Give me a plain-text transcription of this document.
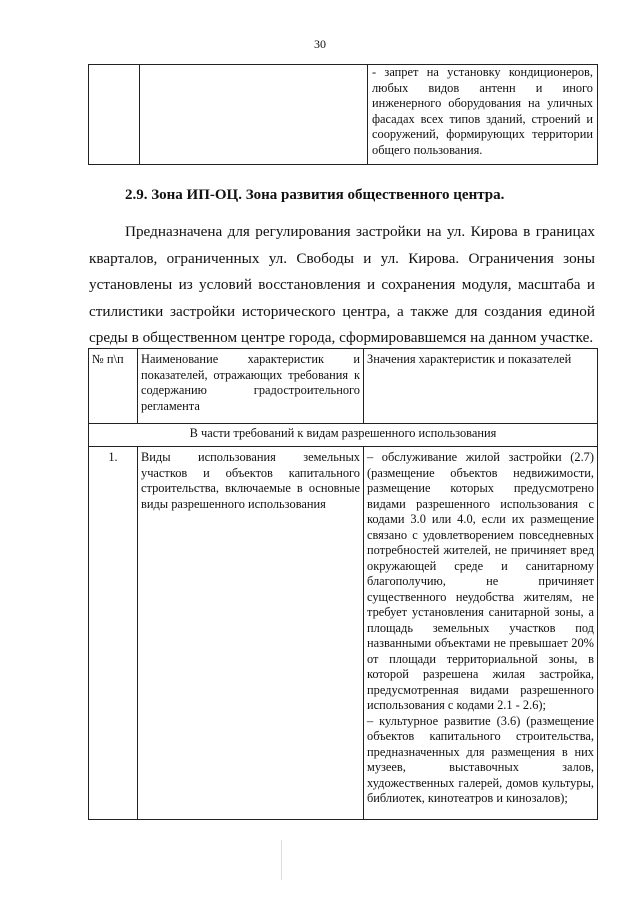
30

- запрет на установку кондиционеров, любых видов антенн и иного инженерного оборудования на уличных фасадах всех типов зданий, строений и сооружений, формирующих территории общего пользования.
2.9. Зона ИП-ОЦ. Зона развития общественного центра.
Предназначена для регулирования застройки на ул. Кирова в границах кварталов, ограниченных ул. Свободы и ул. Кирова. Ограничения зоны установлены из условий восстановления и сохранения модуля, масштаба и стилистики застройки исторического центра, а также для создания единой среды в общественном центре города, сформировавшемся на данном участке.
№ п\п	Наименование характеристик и показателей, отражающих требования к содержанию градостроительного регламента	Значения характеристик и показателей
В части требований к видам разрешенного использования		
1.	Виды использования земельных участков и объектов капитального строительства, включаемые в основные виды разрешенного использования	– обслуживание жилой застройки (2.7) (размещение объектов недвижимости, размещение которых предусмотрено видами разрешенного использования с кодами 3.0 или 4.0, если их размещение связано с удовлетворением повседневных потребностей жителей, не причиняет вред окружающей среде и санитарному благополучию, не причиняет существенного неудобства жителям, не требует установления санитарной зоны, а площадь земельных участков под названными объектами не превышает 20% от площади территориальной зоны, в которой разрешена жилая застройка, предусмотренная видами разрешенного использования с кодами 2.1 - 2.6);
– культурное развитие (3.6) (размещение объектов капитального строительства, предназначенных для размещения в них музеев, выставочных залов, художественных галерей, домов культуры, библиотек, кинотеатров и кинозалов);
